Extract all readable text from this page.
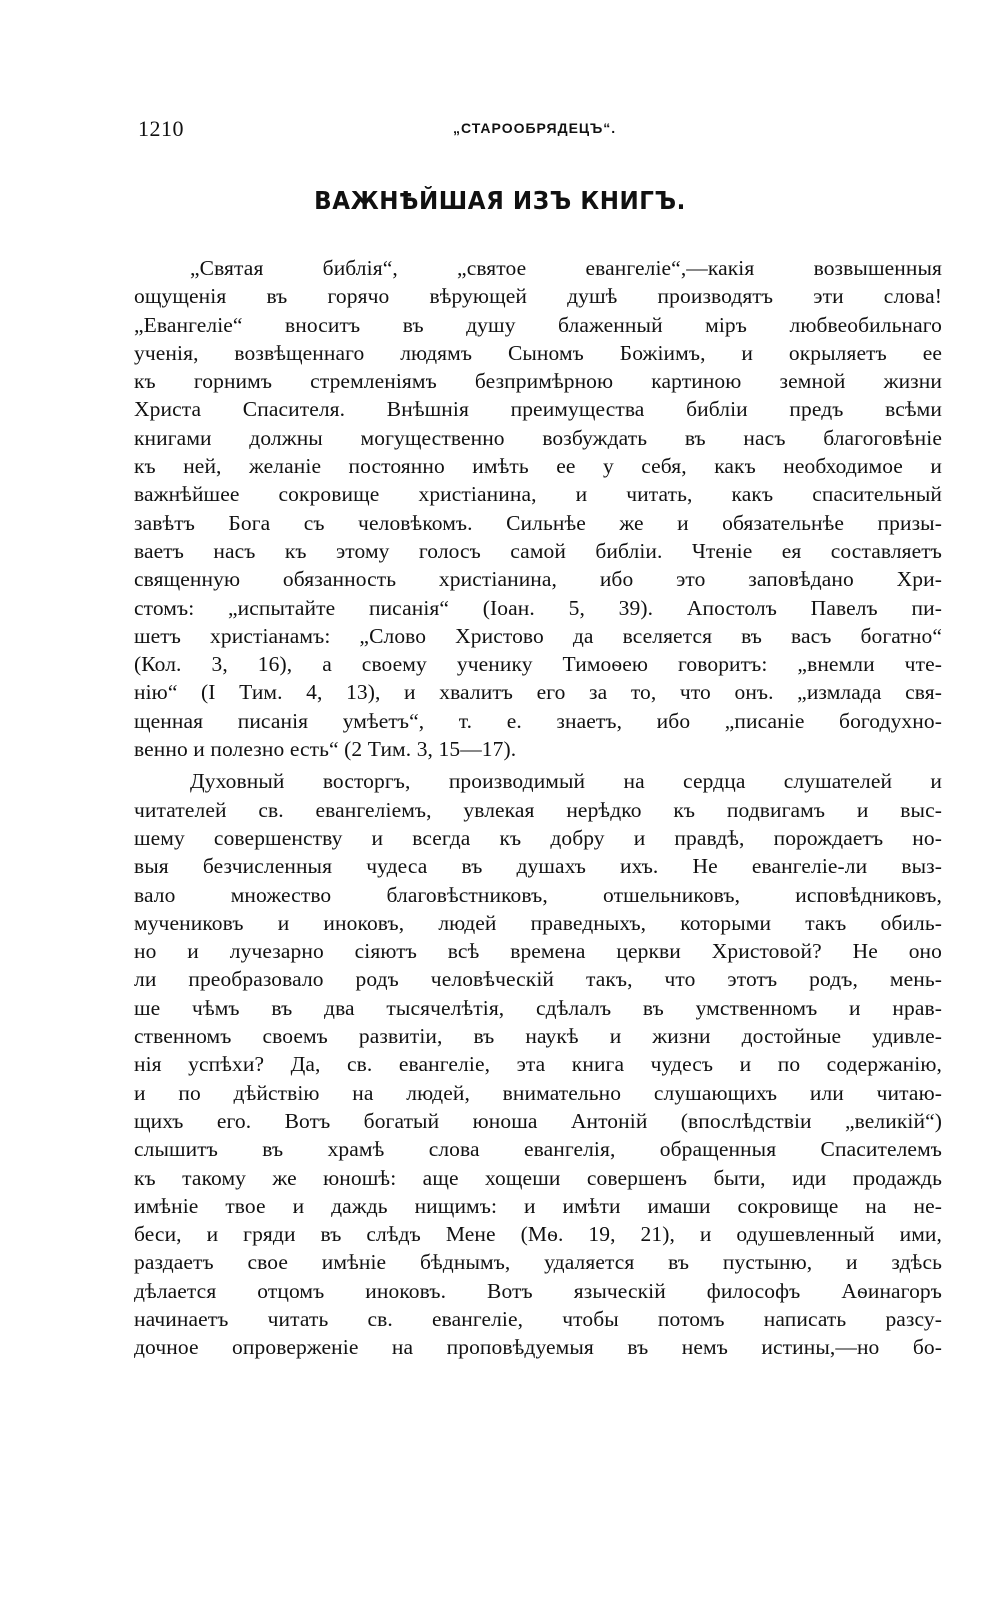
1210	„СТАРООБРЯДЕЦЪ“.
ВАЖНѢЙШАЯ ИЗЪ КНИГЪ.

„Святая библія“, „святое евангеліе“,—какія возвышенныя
ощущенія въ горячо вѣрующей душѣ производятъ эти слова!
„Евангеліе“ вноситъ въ душу блаженный міръ любвеобильнаго
ученія, возвѣщеннаго людямъ Сыномъ Божіимъ, и окрыляетъ ее
къ горнимъ стремленіямъ безпримѣрною картиною земной жизни
Христа Спасителя. Внѣшнія преимущества библіи предъ всѣми
книгами должны могущественно возбуждать въ насъ благоговѣніе
къ ней, желаніе постоянно имѣть ее у себя, какъ необходимое и
важнѣйшее сокровище христіанина, и читать, какъ спасительный
завѣтъ Бога съ человѣкомъ. Сильнѣе же и обязательнѣе призы-
ваетъ насъ къ этому голосъ самой библіи. Чтеніе ея составляетъ
священную обязанность христіанина, ибо это заповѣдано Хри-
стомъ: „испытайте писанія“ (Іоан. 5, 39). Апостолъ Павелъ пи-
шетъ христіанамъ: „Слово Христово да вселяется въ васъ богатно“
(Кол. 3, 16), а своему ученику Тимоѳею говоритъ: „внемли чте-
нію“ (I Тим. 4, 13), и хвалитъ его за то, что онъ. „измлада свя-
щенная писанія умѣетъ“, т. е. знаетъ, ибо „писаніе богодухно-
венно и полезно есть“ (2 Тим. 3, 15—17).

Духовный восторгъ, производимый на сердца слушателей и
читателей св. евангеліемъ, увлекая нерѣдко къ подвигамъ и выс-
шему совершенству и всегда къ добру и правдѣ, порождаетъ но-
выя безчисленныя чудеса въ душахъ ихъ. Не евангеліе-ли выз-
вало множество благовѣстниковъ, отшельниковъ, исповѣдниковъ,
мучениковъ и иноковъ, людей праведныхъ, которыми такъ обиль-
но и лучезарно сіяютъ всѣ времена церкви Христовой? Не оно
ли преобразовало родъ человѣческій такъ, что этотъ родъ, мень-
ше чѣмъ въ два тысячелѣтія, сдѣлалъ въ умственномъ и нрав-
ственномъ своемъ развитіи, въ наукѣ и жизни достойные удивле-
нія успѣхи? Да, св. евангеліе, эта книга чудесъ и по содержанію,
и по дѣйствію на людей, внимательно слушающихъ или читаю-
щихъ его. Вотъ богатый юноша Антоній (впослѣдствіи „великій“)
слышитъ въ храмѣ слова евангелія, обращенныя Спасителемъ
къ такому же юношѣ: аще хощеши совершенъ быти, иди продаждь
имѣніе твое и даждь нищимъ: и имѣти имаши сокровище на не-
беси, и гряди въ слѣдъ Мене (Мѳ. 19, 21), и одушевленный ими,
раздаетъ свое имѣніе бѣднымъ, удаляется въ пустыню, и здѣсь
дѣлается отцомъ иноковъ. Вотъ языческій философъ Аѳинагоръ
начинаетъ читать св. евангеліе, чтобы потомъ написать разсу-
дочное опроверженіе на проповѣдуемыя въ немъ истины,—но бо-
